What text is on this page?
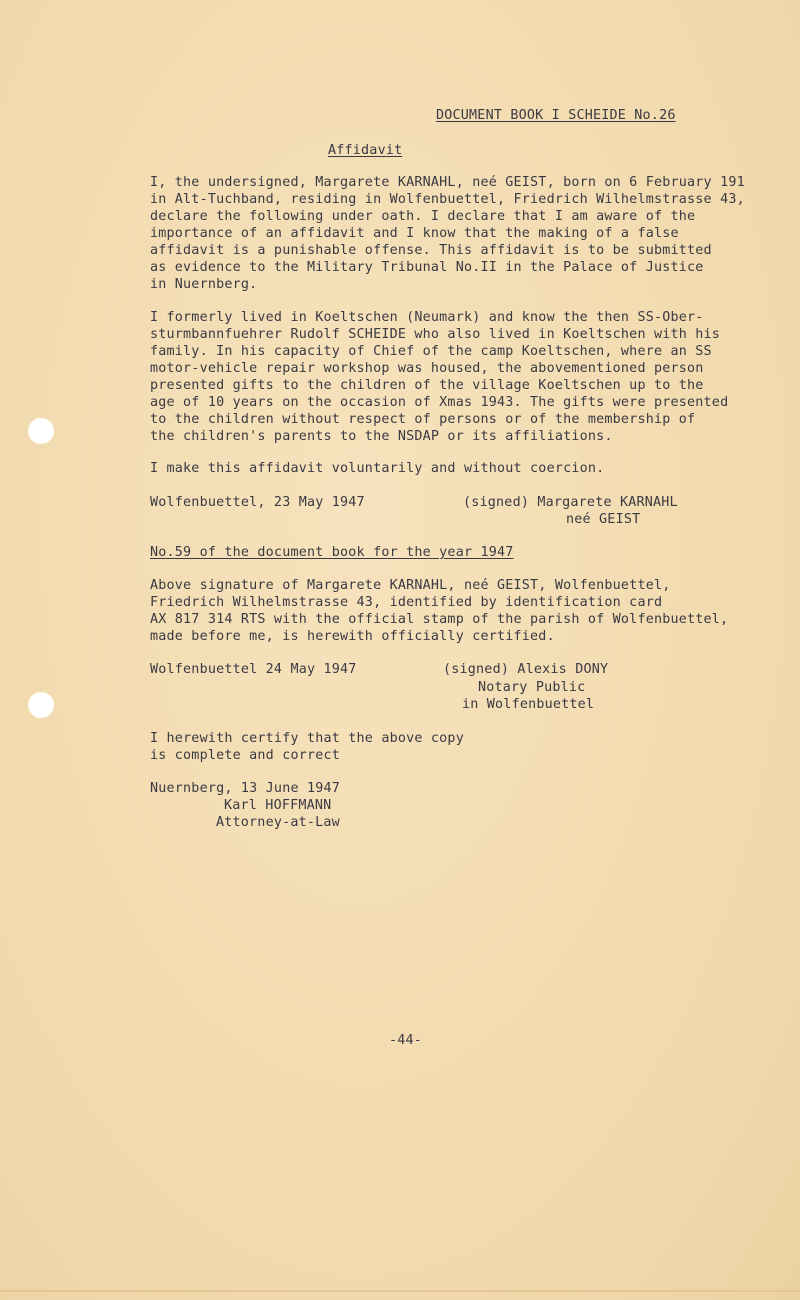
DOCUMENT BOOK I SCHEIDE No.26

Affidavit

I, the undersigned, Margarete KARNAHL, neé GEIST, born on 6 February 191

in Alt-Tuchband, residing in Wolfenbuettel, Friedrich Wilhelmstrasse 43,

declare the following under oath. I declare that I am aware of the

importance of an affidavit and I know that the making of a false

affidavit is a punishable offense. This affidavit is to be submitted

as evidence to the Military Tribunal No.II in the Palace of Justice

in Nuernberg.

I formerly lived in Koeltschen (Neumark) and know the then SS-Ober-

sturmbannfuehrer Rudolf SCHEIDE who also lived in Koeltschen with his

family. In his capacity of Chief of the camp Koeltschen, where an SS

motor-vehicle repair workshop was housed, the abovementioned person

presented gifts to the children of the village Koeltschen up to the

age of 10 years on the occasion of Xmas 1943. The gifts were presented

to the children without respect of persons or of the membership of

the children's parents to the NSDAP or its affiliations.

I make this affidavit voluntarily and without coercion.

Wolfenbuettel, 23 May 1947	(signed) Margarete KARNAHL

neé GEIST

No.59 of the document book for the year 1947

Above signature of Margarete KARNAHL, neé GEIST, Wolfenbuettel,

Friedrich Wilhelmstrasse 43, identified by identification card

AX 817 314 RTS with the official stamp of the parish of Wolfenbuettel,

made before me, is herewith officially certified.

Wolfenbuettel 24 May 1947	(signed) Alexis DONY

Notary Public

in Wolfenbuettel

I herewith certify that the above copy

is complete and correct

Nuernberg, 13 June 1947

Karl HOFFMANN

Attorney-at-Law

-44-
